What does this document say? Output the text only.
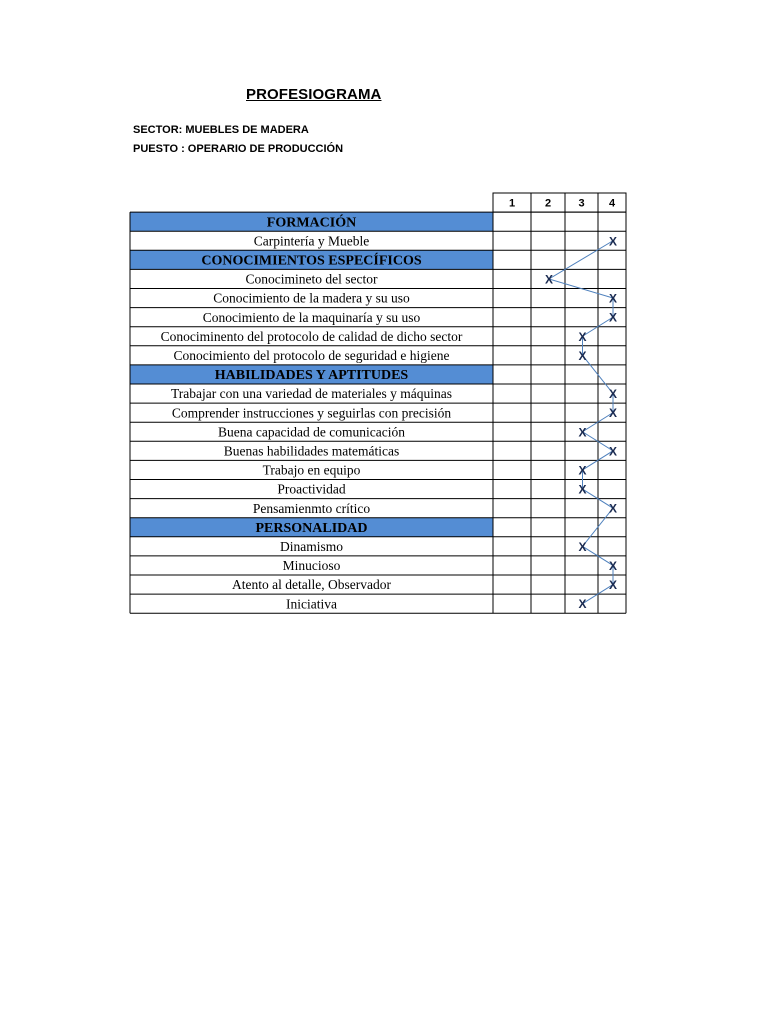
PROFESIOGRAMA
SECTOR: MUEBLES DE MADERA
PUESTO : OPERARIO DE PRODUCCIÓN
1	2 3 4
FORMACIÓN
Carpintería y Mueble
CONOCIMIENTOS ESPECÍFICOS
Conocimineto del sector
Conocimiento de la madera y su uso
Conocimiento de la maquinaría y su uso
Conociminento del protocolo de calidad de dicho sector
Conocimiento del protocolo de seguridad e higiene
HABILIDADES Y APTITUDES
Trabajar con una variedad de materiales y máquinas
Comprender instrucciones y seguirlas con precisión
Buena capacidad de comunicación
Buenas habilidades matemáticas
Trabajo en equipo
Proactividad
Pensamienmto crítico
PERSONALIDAD
Dinamismo
Minucioso
Atento al detalle, Observador
Iniciativa
X
X
X
X
X
X
X
X
X
X
X
X
X
X
X
X
X
